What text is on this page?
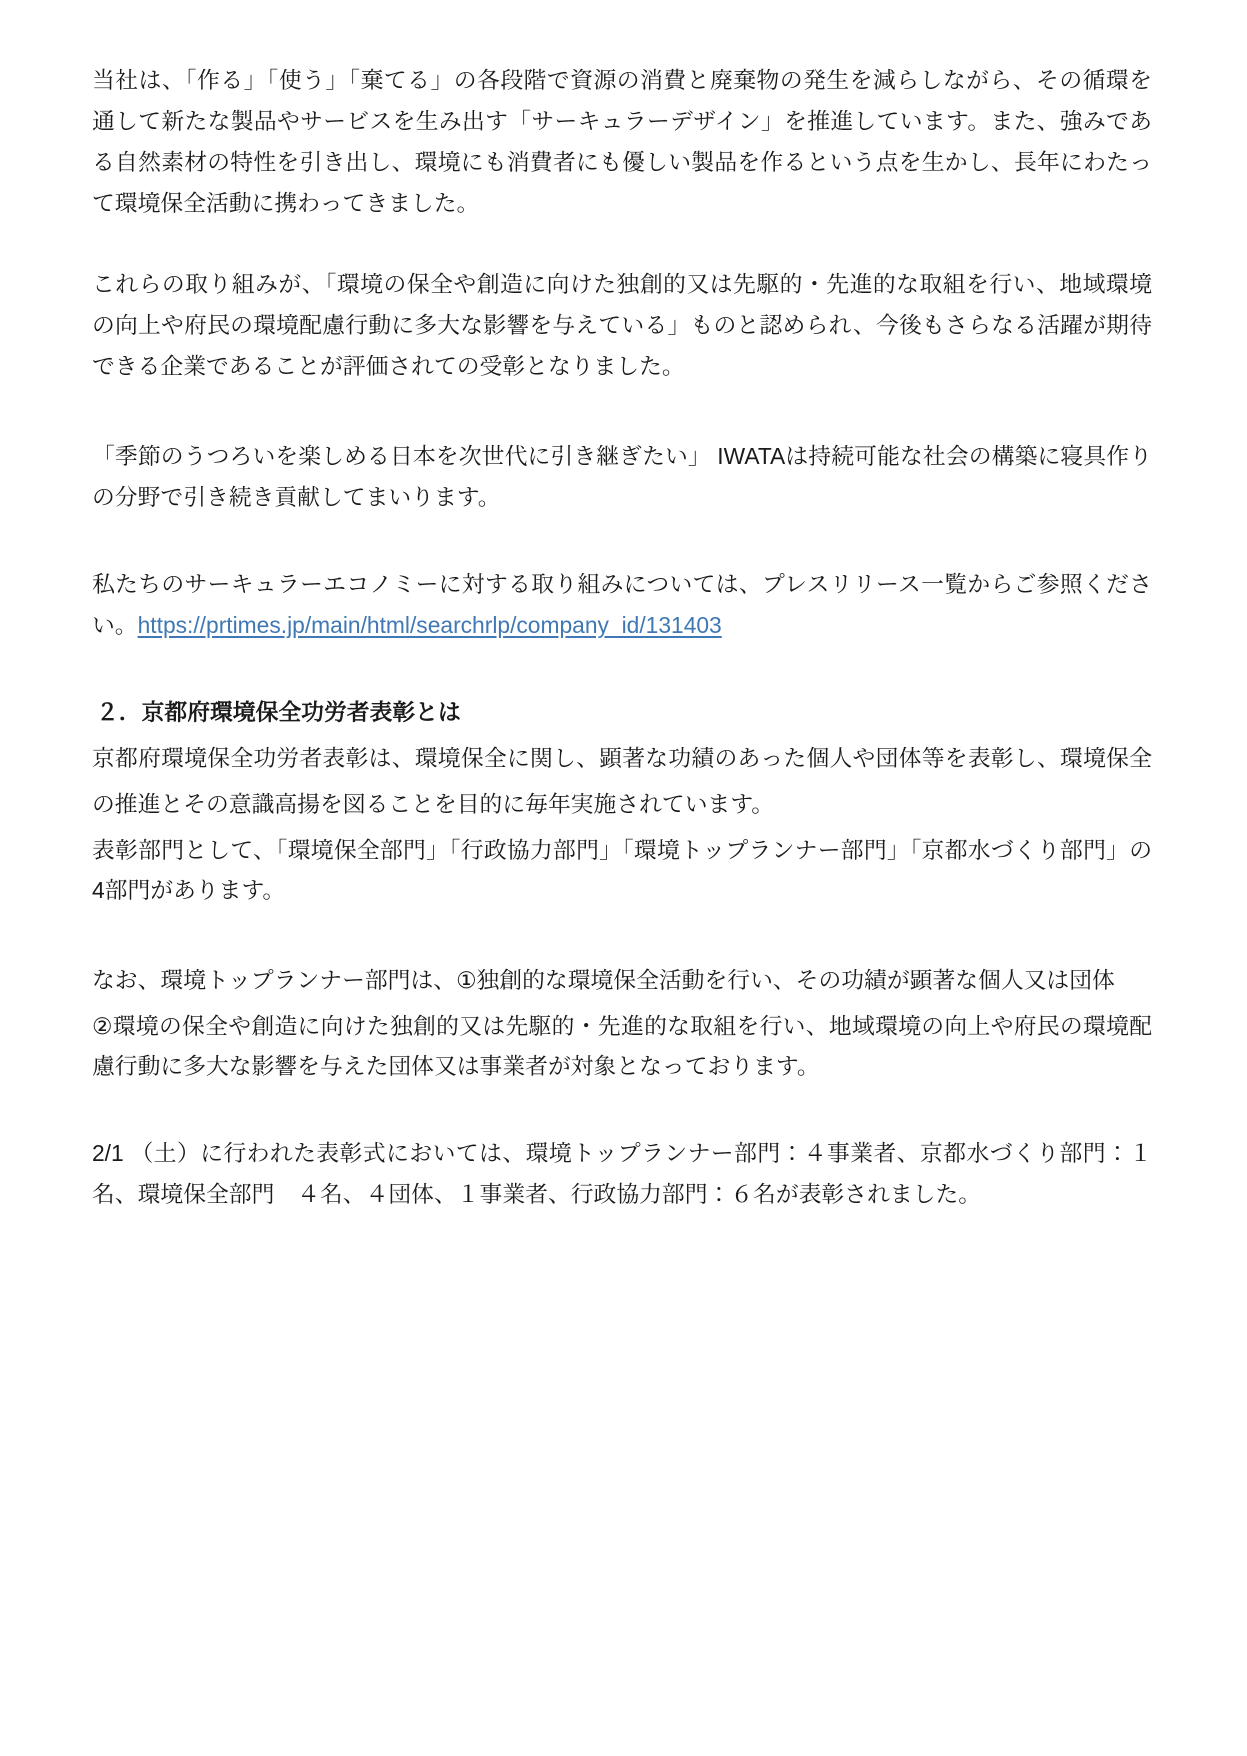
当社は、「作る」「使う」「棄てる」の各段階で資源の消費と廃棄物の発生を減らしながら、その循環を通して新たな製品やサービスを生み出す「サーキュラーデザイン」を推進しています。また、強みである自然素材の特性を引き出し、環境にも消費者にも優しい製品を作るという点を生かし、長年にわたって環境保全活動に携わってきました。

これらの取り組みが、「環境の保全や創造に向けた独創的又は先駆的・先進的な取組を行い、地域環境の向上や府民の環境配慮行動に多大な影響を与えている」ものと認められ、今後もさらなる活躍が期待できる企業であることが評価されての受彰となりました。

「季節のうつろいを楽しめる日本を次世代に引き継ぎたい」 IWATAは持続可能な社会の構築に寝具作りの分野で引き続き貢献してまいります。

私たちのサーキュラーエコノミーに対する取り組みについては、プレスリリース一覧からご参照ください。https://prtimes.jp/main/html/searchrlp/company_id/131403

２．京都府環境保全功労者表彰とは

京都府環境保全功労者表彰は、環境保全に関し、顕著な功績のあった個人や団体等を表彰し、環境保全の推進とその意識高揚を図ることを目的に毎年実施されています。

表彰部門として、「環境保全部門」「行政協力部門」「環境トップランナー部門」「京都水づくり部門」の4部門があります。

なお、環境トップランナー部門は、①独創的な環境保全活動を行い、その功績が顕著な個人又は団体

②環境の保全や創造に向けた独創的又は先駆的・先進的な取組を行い、地域環境の向上や府民の環境配慮行動に多大な影響を与えた団体又は事業者が対象となっております。

2/1 （土）に行われた表彰式においては、環境トップランナー部門：４事業者、京都水づくり部門：１名、環境保全部門　４名、４団体、１事業者、行政協力部門：６名が表彰されました。
